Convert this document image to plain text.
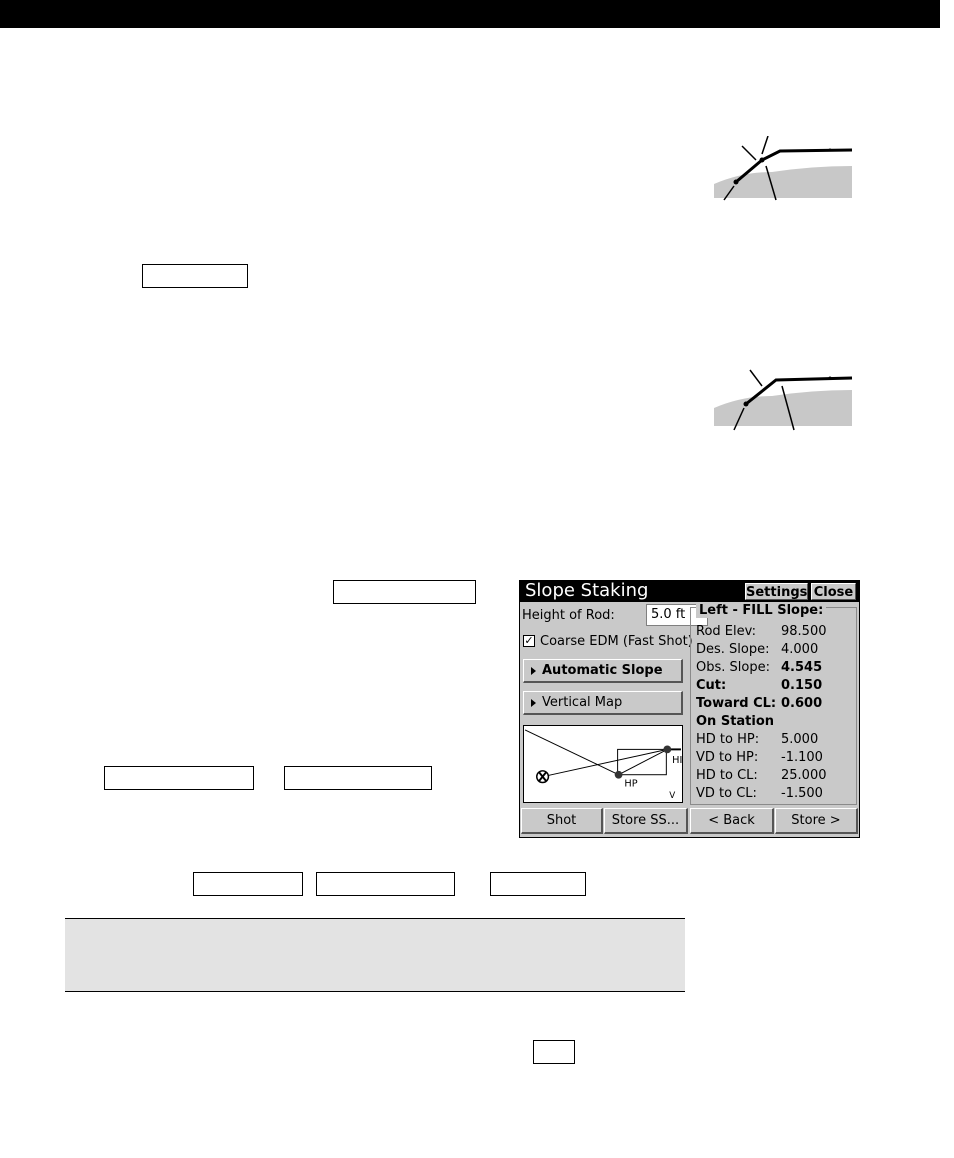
Slope Staking	Settings Close
Height of Rod:	5.0 ft
✓ Coarse EDM (Fast Shot)
Automatic Slope
Vertical Map
HP
HI
V
Left - FILL Slope:
Rod Elev: 98.500
Des. Slope: 4.000
Obs. Slope: 4.545
Cut:	0.150
Toward CL: 0.600
On Station
HD to HP: 5.000
VD to HP: -1.100
HD to CL: 25.000
VD to CL: -1.500
Shot	Store SS...	< Back	Store >
